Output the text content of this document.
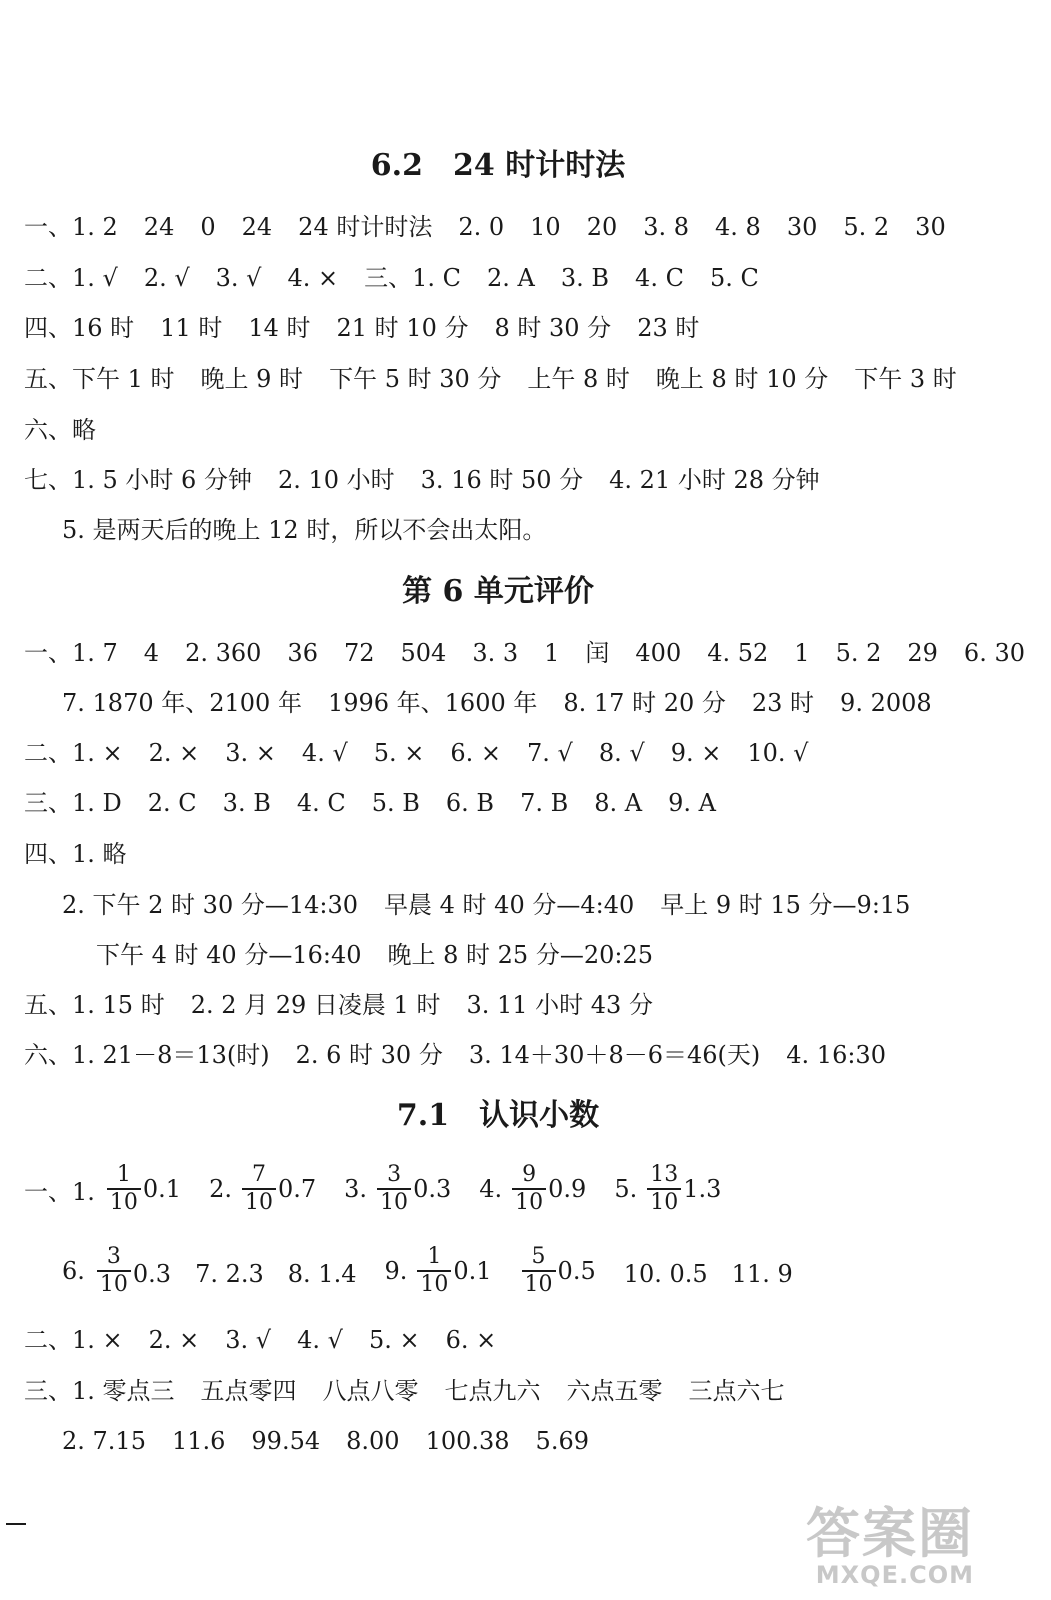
6.2 24 时计时法
一、1. 2 24 0 24 24 时计时法 2. 0 10 20 3. 8 4. 8 30 5. 2 30
二、1. √ 2. √ 3. √ 4. × 三、1. C 2. A 3. B 4. C 5. C
四、16 时 11 时 14 时 21 时 10 分 8 时 30 分 23 时
五、下午 1 时 晚上 9 时 下午 5 时 30 分 上午 8 时 晚上 8 时 10 分 下午 3 时
六、略
七、1. 5 小时 6 分钟 2. 10 小时 3. 16 时 50 分 4. 21 小时 28 分钟
5. 是两天后的晚上 12 时，所以不会出太阳。
第 6 单元评价
一、1. 7 4 2. 360 36 72 504 3. 3 1 闰 400 4. 52 1 5. 2 29 6. 30
7. 1870 年、2100 年 1996 年、1600 年 8. 17 时 20 分 23 时 9. 2008
二、1. × 2. × 3. × 4. √ 5. × 6. × 7. √ 8. √ 9. × 10. √
三、1. D 2. C 3. B 4. C 5. B 6. B 7. B 8. A 9. A
四、1. 略
2. 下午 2 时 30 分—14:30 早晨 4 时 40 分—4:40 早上 9 时 15 分—9:15
下午 4 时 40 分—16:40 晚上 8 时 25 分—20:25
五、1. 15 时 2. 2 月 29 日凌晨 1 时 3. 11 小时 43 分
六、1. 21－8＝13(时) 2. 6 时 30 分 3. 14＋30＋8－6＝46(天) 4. 16:30
7.1 认识小数
一、1. $\frac{1}{10} 0.1$ 2. $\frac{7}{10} 0.7$ 3. $\frac{3}{10} 0.3$ 4. $\frac{9}{10} 0.9$ 5. $\frac{13}{10} 1.3$
6. $\frac{3}{10} 0.3$　7. 2.3　8. 1.4 9. $\frac{1}{10} 0.1 \frac{5}{10} 0.5$ 10. 0.5　11. 9
二、1. × 2. × 3. √ 4. √ 5. × 6. ×
三、1. 零点三 五点零四 八点八零 七点九六 六点五零 三点六七
2. 7.15 11.6 99.54 8.00 100.38 5.69
答案圈
MXQE.COM
